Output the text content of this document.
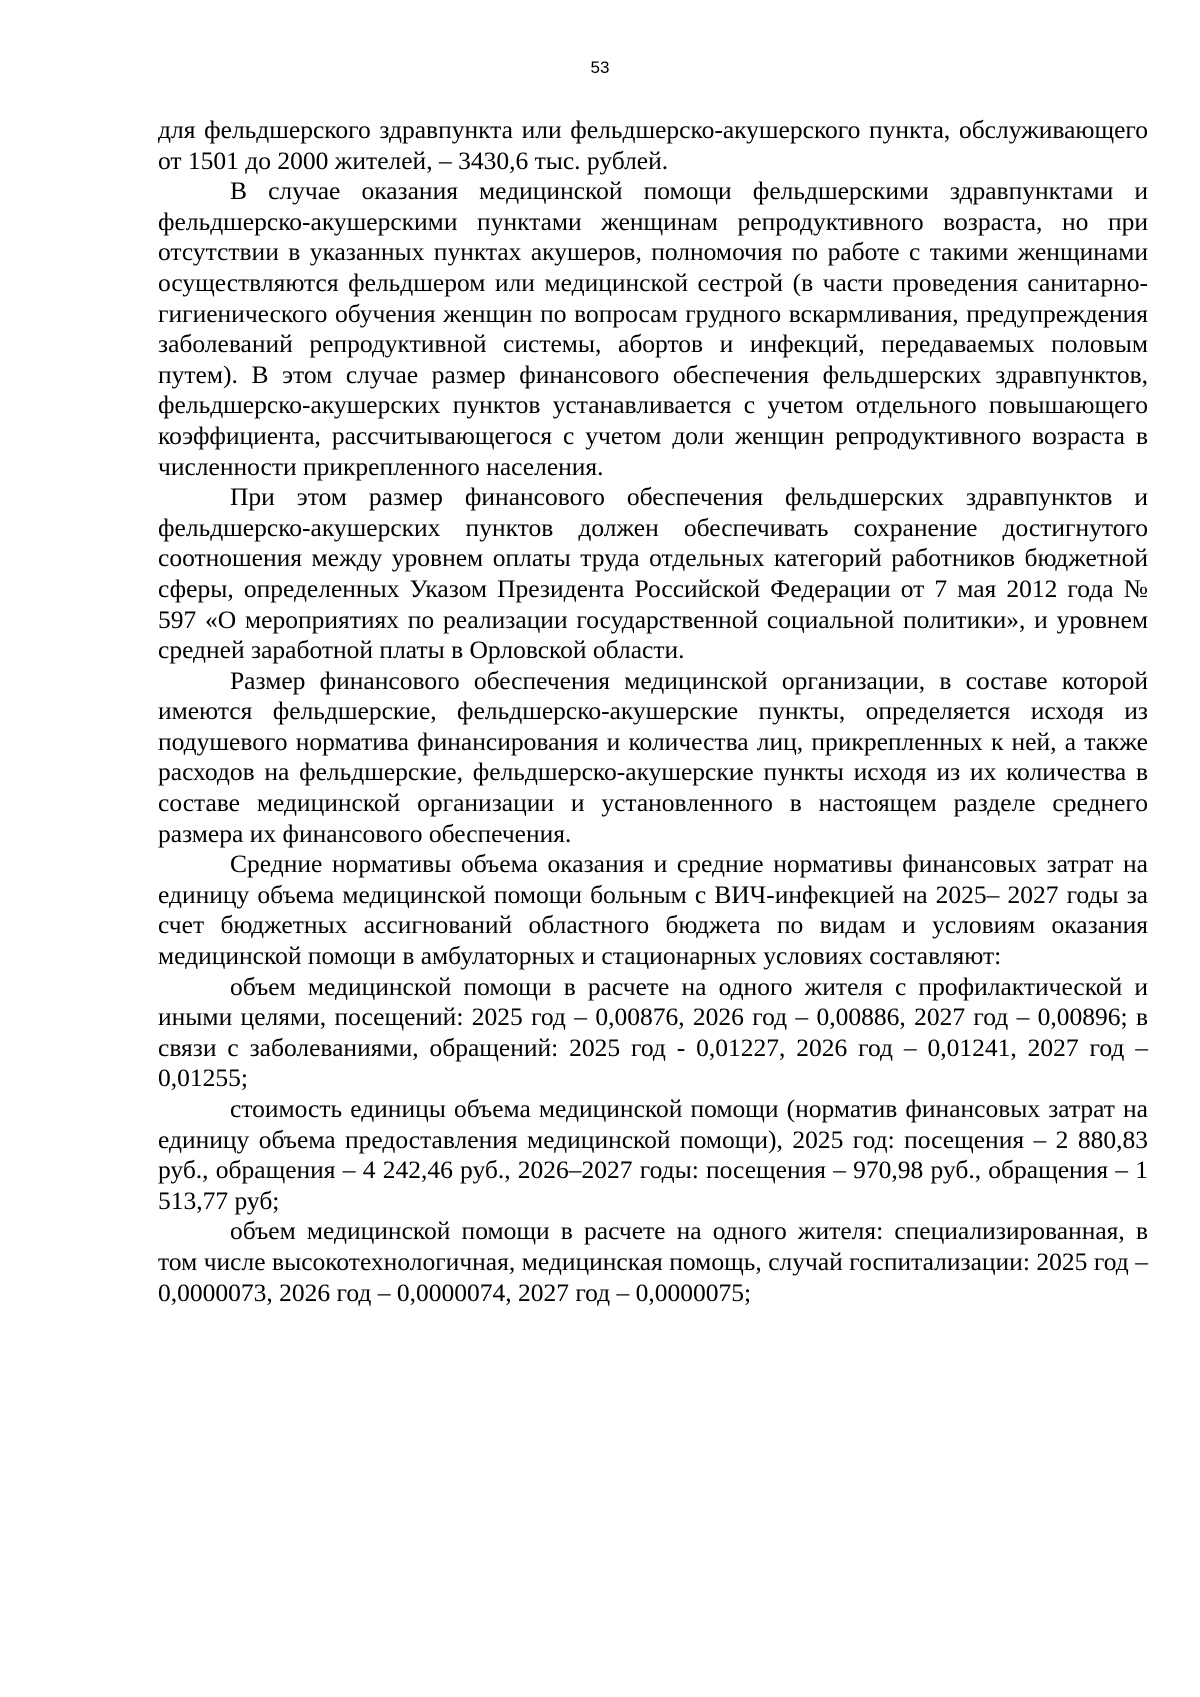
53

для фельдшерского здравпункта или фельдшерско-акушерского пункта, обслуживающего от 1501 до 2000 жителей, – 3430,6 тыс. рублей.

В случае оказания медицинской помощи фельдшерскими здравпунктами и фельдшерско-акушерскими пунктами женщинам репродуктивного возраста, но при отсутствии в указанных пунктах акушеров, полномочия по работе с такими женщинами осуществляются фельдшером или медицинской сестрой (в части проведения санитарно-гигиенического обучения женщин по вопросам грудного вскармливания, предупреждения заболеваний репродуктивной системы, абортов и инфекций, передаваемых половым путем). В этом случае размер финансового обеспечения фельдшерских здравпунктов, фельдшерско-акушерских пунктов устанавливается с учетом отдельного повышающего коэффициента, рассчитывающегося с учетом доли женщин репродуктивного возраста в численности прикрепленного населения.

При этом размер финансового обеспечения фельдшерских здравпунктов и фельдшерско-акушерских пунктов должен обеспечивать сохранение достигнутого соотношения между уровнем оплаты труда отдельных категорий работников бюджетной сферы, определенных Указом Президента Российской Федерации от 7 мая 2012 года № 597 «О мероприятиях по реализации государственной социальной политики», и уровнем средней заработной платы в Орловской области.

Размер финансового обеспечения медицинской организации, в составе которой имеются фельдшерские, фельдшерско-акушерские пункты, определяется исходя из подушевого норматива финансирования и количества лиц, прикрепленных к ней, а также расходов на фельдшерские, фельдшерско-акушерские пункты исходя из их количества в составе медицинской организации и установленного в настоящем разделе среднего размера их финансового обеспечения.

Средние нормативы объема оказания и средние нормативы финансовых затрат на единицу объема медицинской помощи больным с ВИЧ-инфекцией на 2025– 2027 годы за счет бюджетных ассигнований областного бюджета по видам и условиям оказания медицинской помощи в амбулаторных и стационарных условиях составляют:

объем медицинской помощи в расчете на одного жителя с профилактической и иными целями, посещений: 2025 год – 0,00876, 2026 год – 0,00886, 2027 год – 0,00896; в связи с заболеваниями, обращений: 2025 год - 0,01227, 2026 год – 0,01241, 2027 год –0,01255;

стоимость единицы объема медицинской помощи (норматив финансовых затрат на единицу объема предоставления медицинской помощи), 2025 год: посещения – 2 880,83 руб., обращения – 4 242,46 руб., 2026–2027 годы: посещения – 970,98 руб., обращения – 1 513,77 руб;

объем медицинской помощи в расчете на одного жителя: специализированная, в том числе высокотехнологичная, медицинская помощь, случай госпитализации: 2025 год – 0,0000073, 2026 год – 0,0000074, 2027 год – 0,0000075;
